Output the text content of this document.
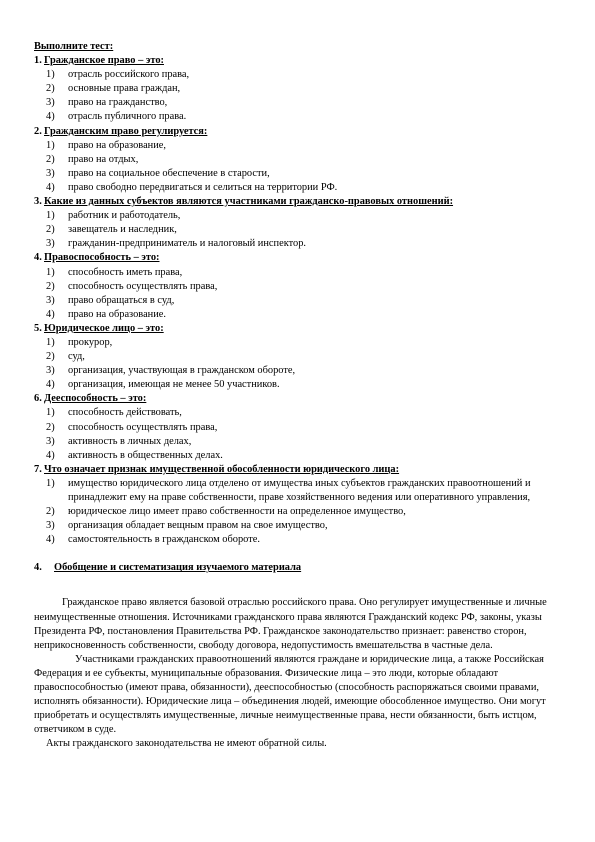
Выполните тест:
1. Гражданское право – это:
1)	отрасль российского права,
2)	основные права граждан,
3)	право на гражданство,
4)	отрасль публичного права.
2. Гражданским право регулируется:
1)	право на образование,
2)	право на отдых,
3)	право на социальное обеспечение в старости,
4)	право свободно передвигаться и селиться на территории РФ.
3. Какие из данных субъектов являются участниками гражданско-правовых отношений:
1)	работник и работодатель,
2)	завещатель и наследник,
3)	гражданин-предприниматель и налоговый инспектор.
4. Правоспособность – это:
1)	способность иметь права,
2)	способность осуществлять права,
3)	право обращаться в суд,
4)	право на образование.
5. Юридическое лицо – это:
1)	прокурор,
2)	суд,
3)	организация, участвующая в гражданском обороте,
4)	организация, имеющая не менее 50 участников.
6. Дееспособность – это:
1)	способность действовать,
2)	способность осуществлять права,
3)	активность в личных делах,
4)	активность в общественных делах.
7. Что означает признак имущественной обособленности юридического лица:
1)	имущество юридического лица отделено от имущества иных субъектов гражданских правоотношений и принадлежит ему на праве собственности, праве хозяйственного ведения или оперативного управления,
2)	юридическое лицо имеет право собственности на определенное имущество,
3)	организация обладает вещным правом на свое имущество,
4)	самостоятельность в гражданском обороте.
4.	Обобщение и систематизация изучаемого материала

Гражданское право является базовой отраслью российского права. Оно регулирует имущественные и личные неимущественные отношения. Источниками гражданского права являются Гражданский кодекс РФ, законы, указы Президента РФ, постановления Правительства РФ. Гражданское законодательство признает: равенство сторон, неприкосновенность собственности, свободу договора, недопустимость вмешательства в частные дела.

Участниками гражданских правоотношений являются граждане и юридические лица, а также Российская Федерация и ее субъекты, муниципальные образования. Физические лица – это люди, которые обладают правоспособностью (имеют права, обязанности), дееспособностью (способность распоряжаться своими правами, исполнять обязанности). Юридические лица – объединения людей, имеющие обособленное имущество. Они могут приобретать и осуществлять имущественные, личные неимущественные права, нести обязанности, быть истцом, ответчиком в суде.

Акты гражданского законодательства не имеют обратной силы.
